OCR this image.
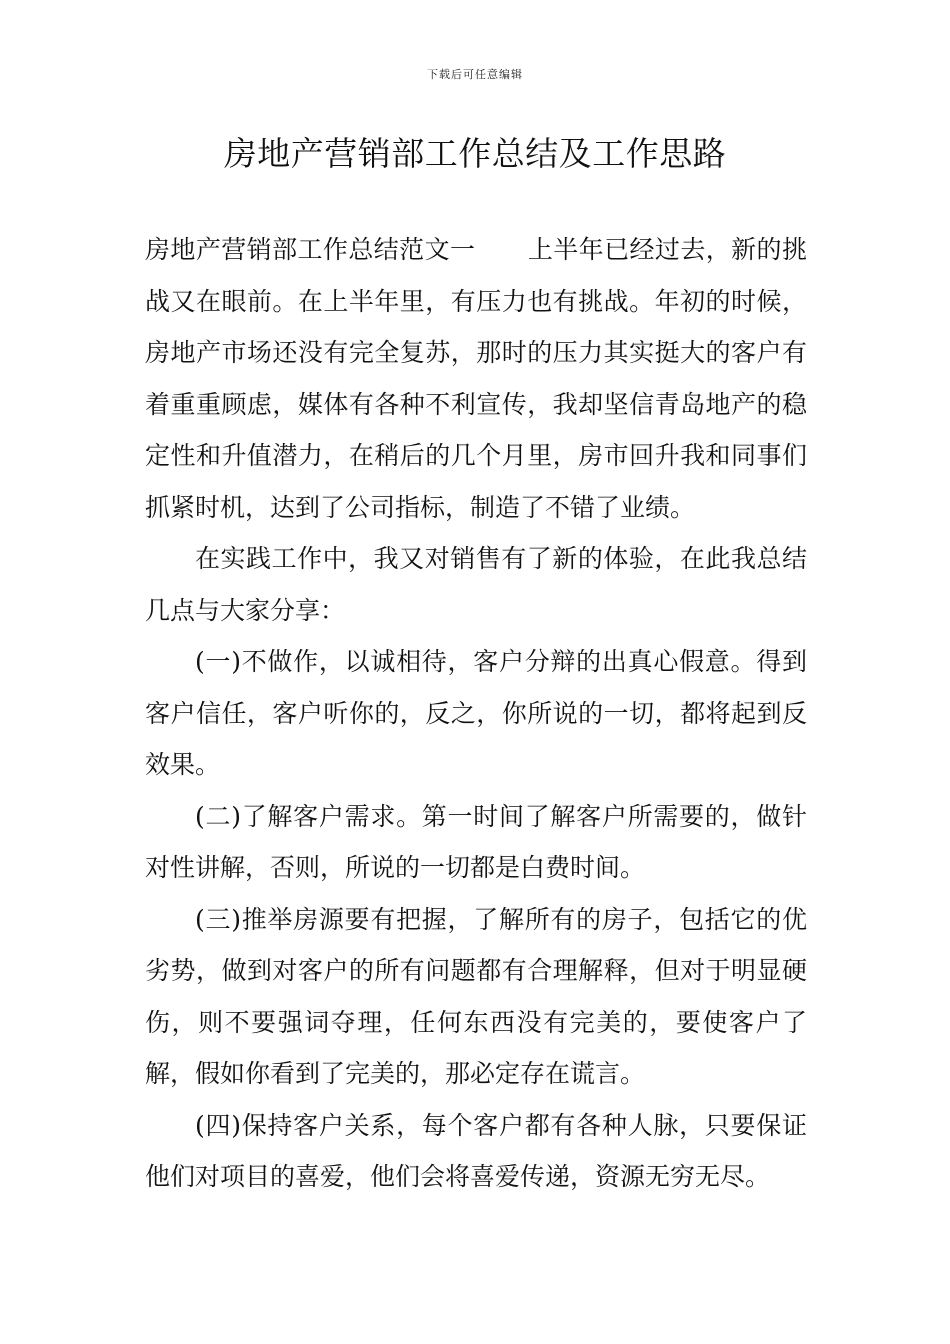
下载后可任意编辑
房地产营销部工作总结及工作思路

房地产营销部工作总结范文一 上半年已经过去，新的挑战又在眼前。在上半年里，有压力也有挑战。年初的时候，房地产市场还没有完全复苏，那时的压力其实挺大的客户有着重重顾虑，媒体有各种不利宣传，我却坚信青岛地产的稳定性和升值潜力，在稍后的几个月里，房市回升我和同事们抓紧时机，达到了公司指标，制造了不错了业绩。

在实践工作中，我又对销售有了新的体验，在此我总结几点与大家分享：

(一)不做作，以诚相待，客户分辩的出真心假意。得到客户信任，客户听你的，反之，你所说的一切，都将起到反效果。

(二)了解客户需求。第一时间了解客户所需要的，做针对性讲解，否则，所说的一切都是白费时间。

(三)推举房源要有把握，了解所有的房子，包括它的优劣势，做到对客户的所有问题都有合理解释，但对于明显硬伤，则不要强词夺理，任何东西没有完美的，要使客户了解，假如你看到了完美的，那必定存在谎言。

(四)保持客户关系，每个客户都有各种人脉，只要保证他们对项目的喜爱，他们会将喜爱传递，资源无穷无尽。
